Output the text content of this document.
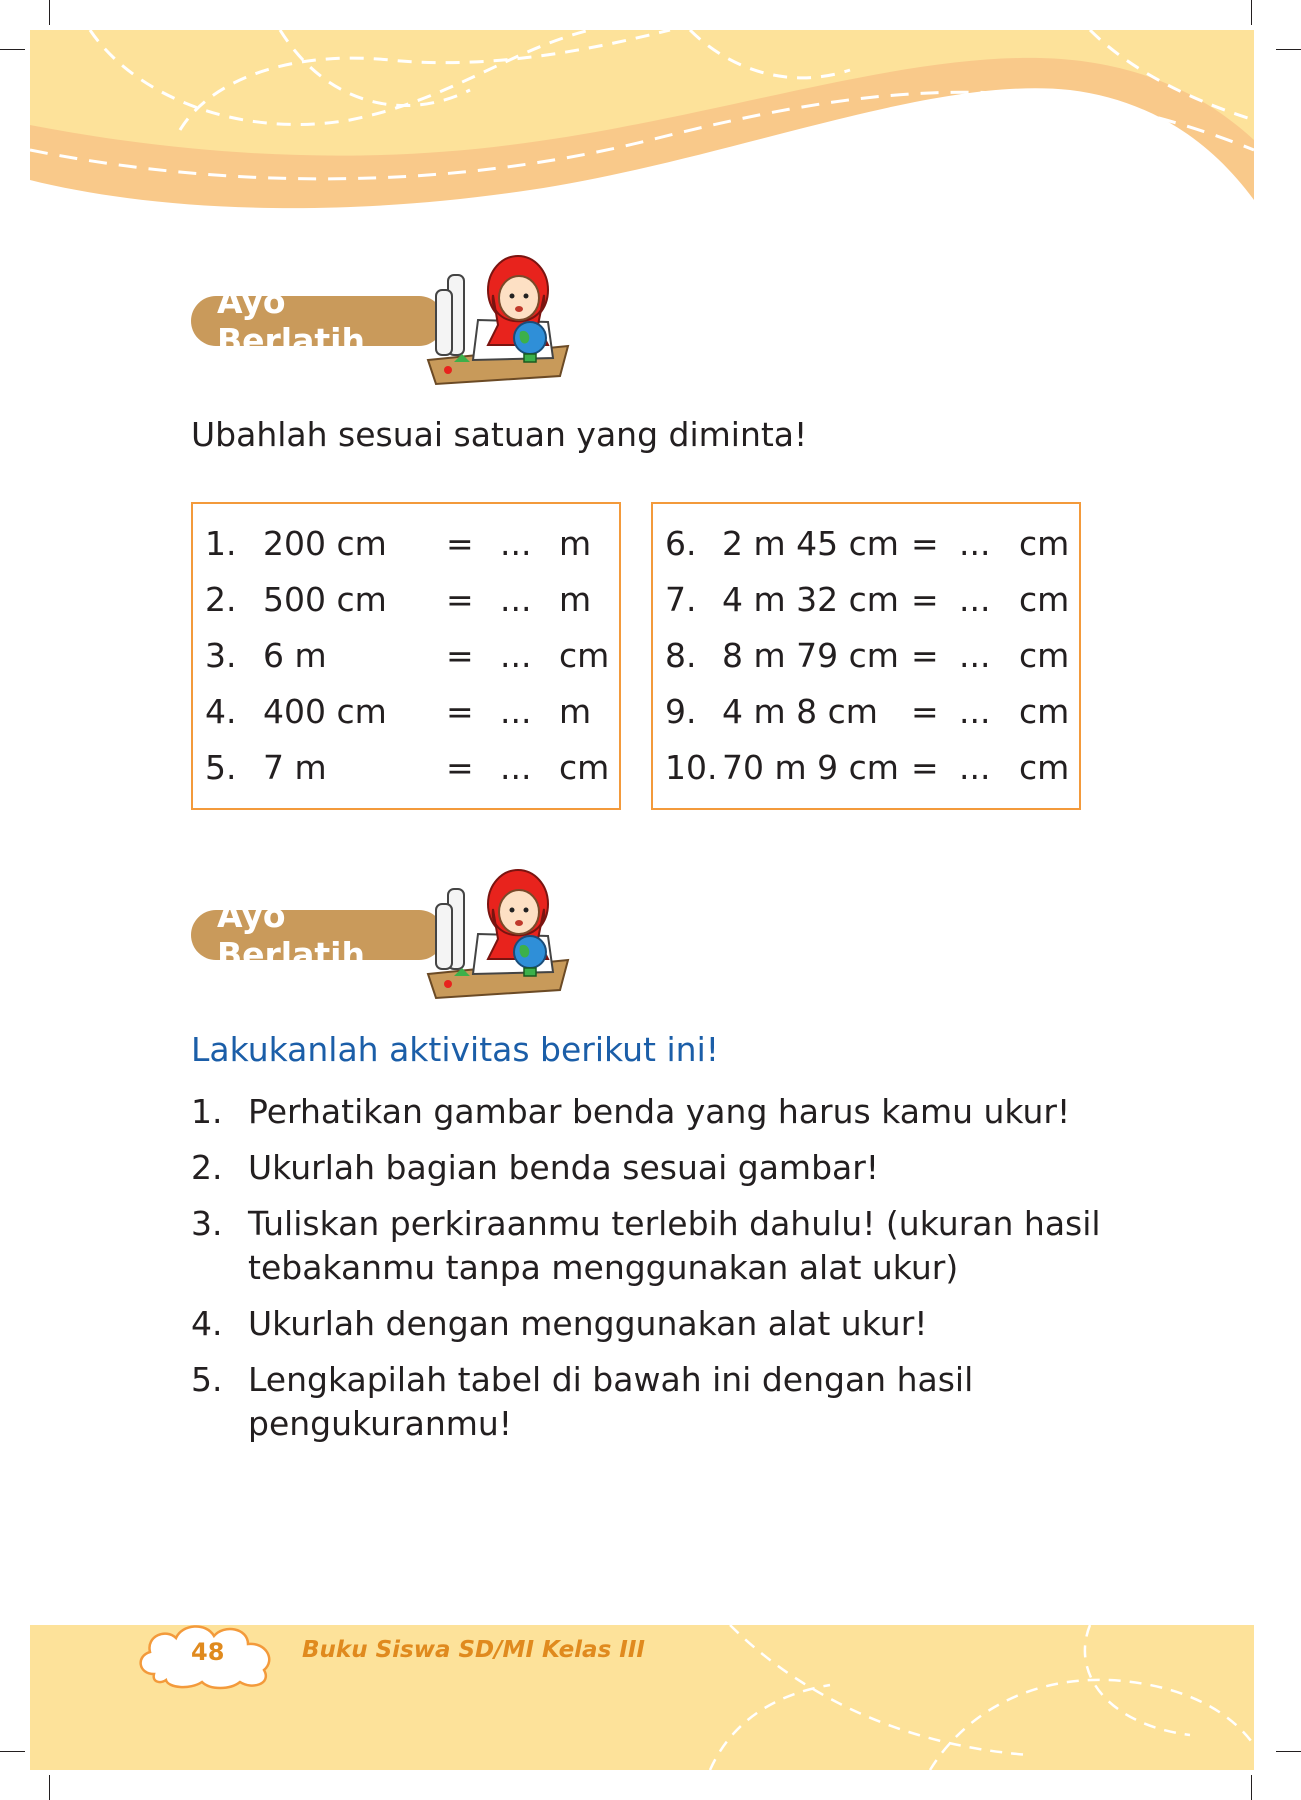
Ayo Berlatih
Ubahlah sesuai satuan yang diminta!
1. 200 cm = ... m
2. 500 cm = ... m
3. 6 m	= ... cm
4. 400 cm = ... m
5. 7 m	= ... cm
6. 2 m 45 cm = ... cm
7. 4 m 32 cm = ... cm
8. 8 m 79 cm = ... cm
9. 4 m 8 cm = ... cm
10. 70 m 9 cm = ... cm
Ayo Berlatih
Lakukanlah aktivitas berikut ini!
1. Perhatikan gambar benda yang harus kamu ukur!
2. Ukurlah bagian benda sesuai gambar!
3. Tuliskan perkiraanmu terlebih dahulu! (ukuran hasil tebakanmu tanpa menggunakan alat ukur)
4. Ukurlah dengan menggunakan alat ukur!
5. Lengkapilah tabel di bawah ini dengan hasil pengukuranmu!
48	Buku Siswa SD/MI Kelas III
